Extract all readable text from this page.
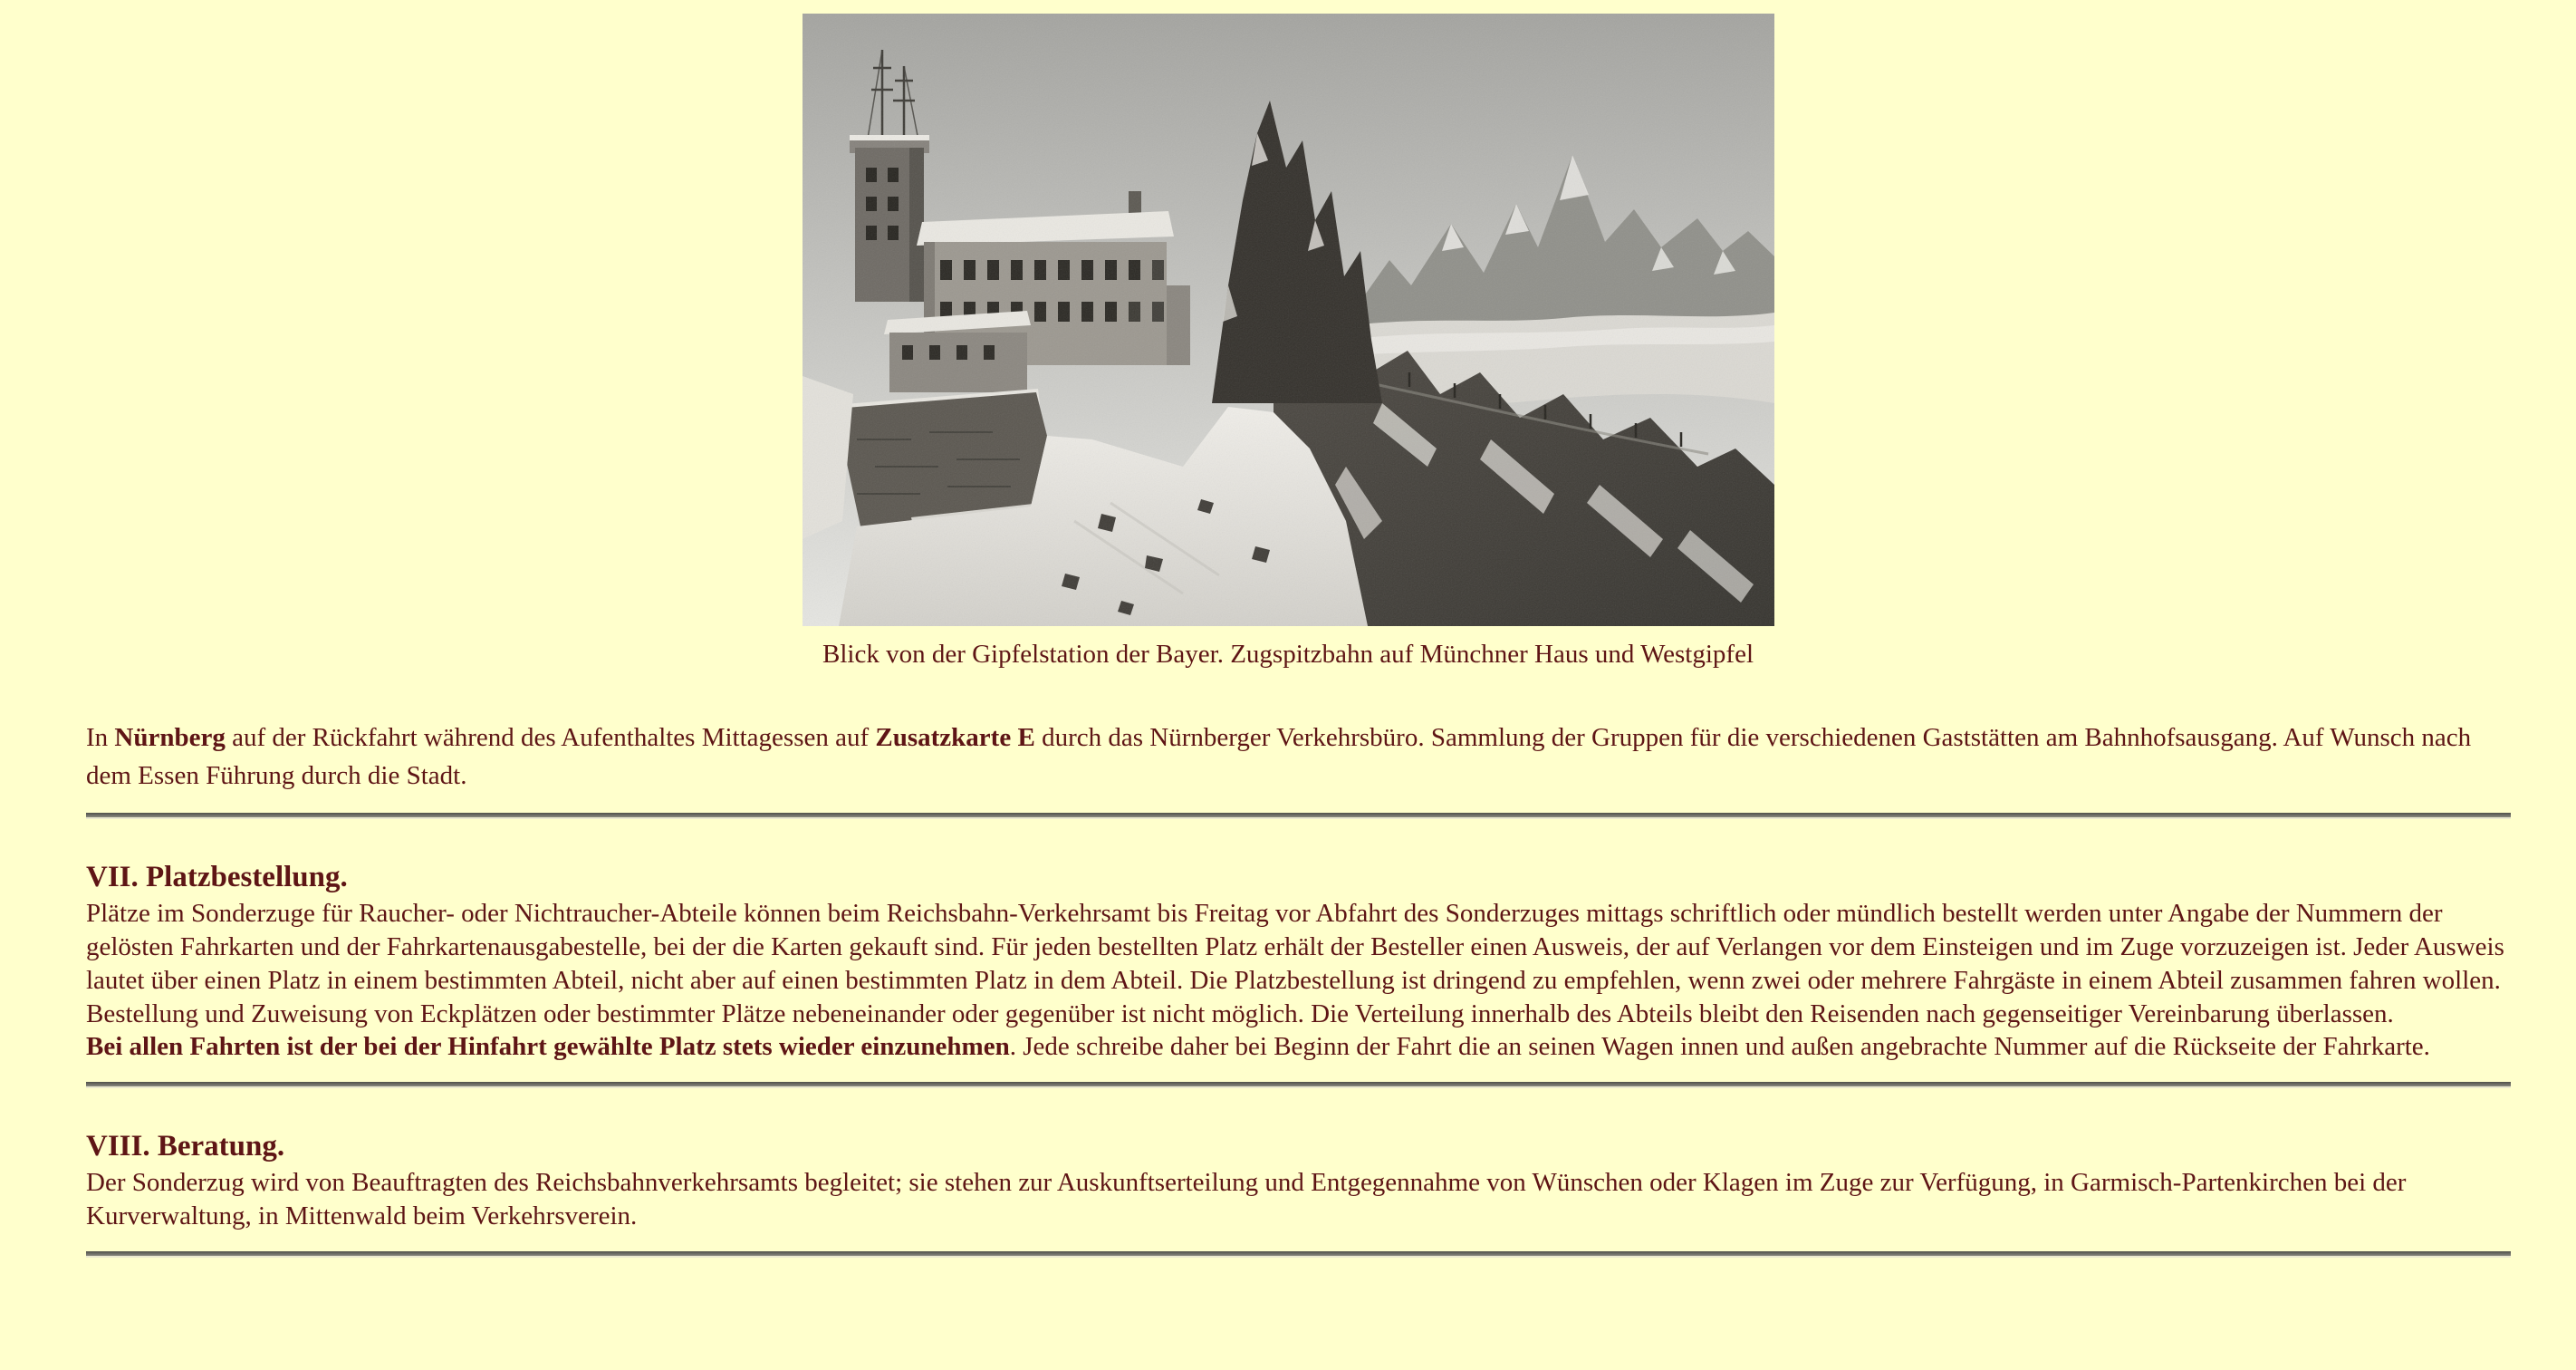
Blick von der Gipfelstation der Bayer. Zugspitzbahn auf Münchner Haus und Westgipfel

In Nürnberg auf der Rückfahrt während des Aufenthaltes Mittagessen auf Zusatzkarte E durch das Nürnberger Verkehrsbüro. Sammlung der Gruppen für die verschiedenen Gaststätten am Bahnhofsausgang. Auf Wunsch nach dem Essen Führung durch die Stadt.

VII. Platzbestellung.

Plätze im Sonderzuge für Raucher- oder Nichtraucher-Abteile können beim Reichsbahn-Verkehrsamt bis Freitag vor Abfahrt des Sonderzuges mittags schriftlich oder mündlich bestellt werden unter Angabe der Nummern der gelösten Fahrkarten und der Fahrkartenausgabestelle, bei der die Karten gekauft sind. Für jeden bestellten Platz erhält der Besteller einen Ausweis, der auf Verlangen vor dem Einsteigen und im Zuge vorzuzeigen ist. Jeder Ausweis lautet über einen Platz in einem bestimmten Abteil, nicht aber auf einen bestimmten Platz in dem Abteil. Die Platzbestellung ist dringend zu empfehlen, wenn zwei oder mehrere Fahrgäste in einem Abteil zusammen fahren wollen. Bestellung und Zuweisung von Eckplätzen oder bestimmter Plätze nebeneinander oder gegenüber ist nicht möglich. Die Verteilung innerhalb des Abteils bleibt den Reisenden nach gegenseitiger Vereinbarung überlassen.
Bei allen Fahrten ist der bei der Hinfahrt gewählte Platz stets wieder einzunehmen. Jede schreibe daher bei Beginn der Fahrt die an seinen Wagen innen und außen angebrachte Nummer auf die Rückseite der Fahrkarte.

VIII. Beratung.

Der Sonderzug wird von Beauftragten des Reichsbahnverkehrsamts begleitet; sie stehen zur Auskunftserteilung und Entgegennahme von Wünschen oder Klagen im Zuge zur Verfügung, in Garmisch-Partenkirchen bei der Kurverwaltung, in Mittenwald beim Verkehrsverein.
